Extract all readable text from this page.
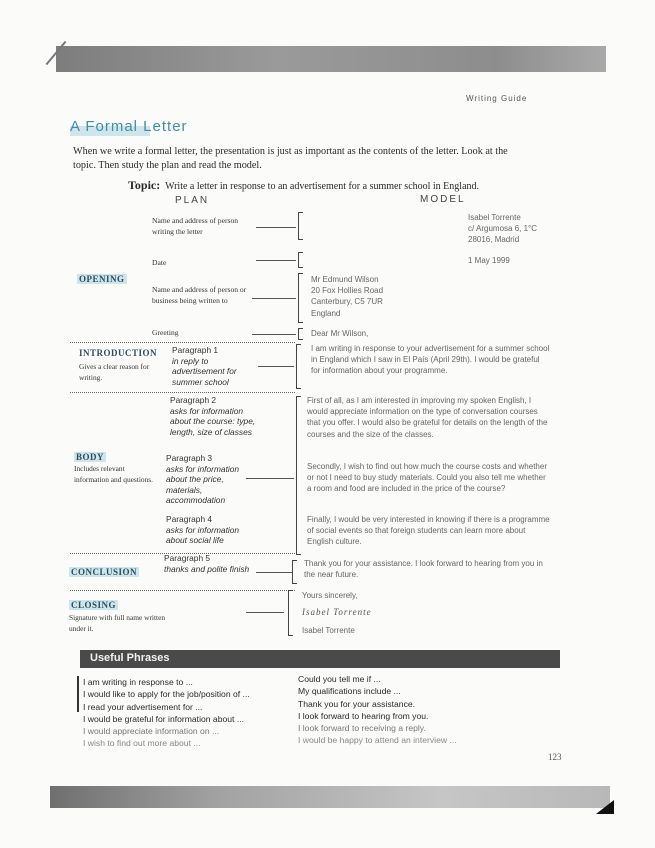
Writing Guide
A Formal Letter
When we write a formal letter, the presentation is just as important as the contents of the letter. Look at the topic. Then study the plan and read the model.
Topic: Write a letter in response to an advertisement for a summer school in England.
PLAN	MODEL
Name and address of person writing the letter
Date
Name and address of person or business being written to
Greeting
Isabel Torrente
c/ Argumosa 6, 1°C
28016, Madrid
1 May 1999
Mr Edmund Wilson
20 Fox Hollies Road
Canterbury, C5 7UR
England
Dear Mr Wilson,
OPENING
INTRODUCTION
Gives a clear reason for writing.
Paragraph 1
in reply to advertisement for summer school
I am writing in response to your advertisement for a summer school in England which I saw in El País (April 29th). I would be grateful for information about your programme.
BODY
Includes relevant information and questions.
Paragraph 2
asks for information about the course: type, length, size of classes
Paragraph 3
asks for information about the price, materials, accommodation
Paragraph 4
asks for information about social life
First of all, as I am interested in improving my spoken English, I would appreciate information on the type of conversation courses that you offer. I would also be grateful for details on the length of the courses and the size of the classes.
Secondly, I wish to find out how much the course costs and whether or not I need to buy study materials. Could you also tell me whether a room and food are included in the price of the course?
Finally, I would be very interested in knowing if there is a programme of social events so that foreign students can learn more about English culture.
CONCLUSION
Paragraph 5
thanks and polite finish	Thank you for your assistance. I look forward to hearing from you in the near future.
CLOSING
Signature with full name written under it.
Yours sincerely,
Isabel Torrente
Isabel Torrente
Useful Phrases
I am writing in response to ...
I would like to apply for the job/position of ...
I read your advertisement for ...
I would be grateful for information about ...
I would appreciate information on ...
I wish to find out more about ...
Could you tell me if ...
My qualifications include ...
Thank you for your assistance.
I look forward to hearing from you.
I look forward to receiving a reply.
I would be happy to attend an interview ...
123
